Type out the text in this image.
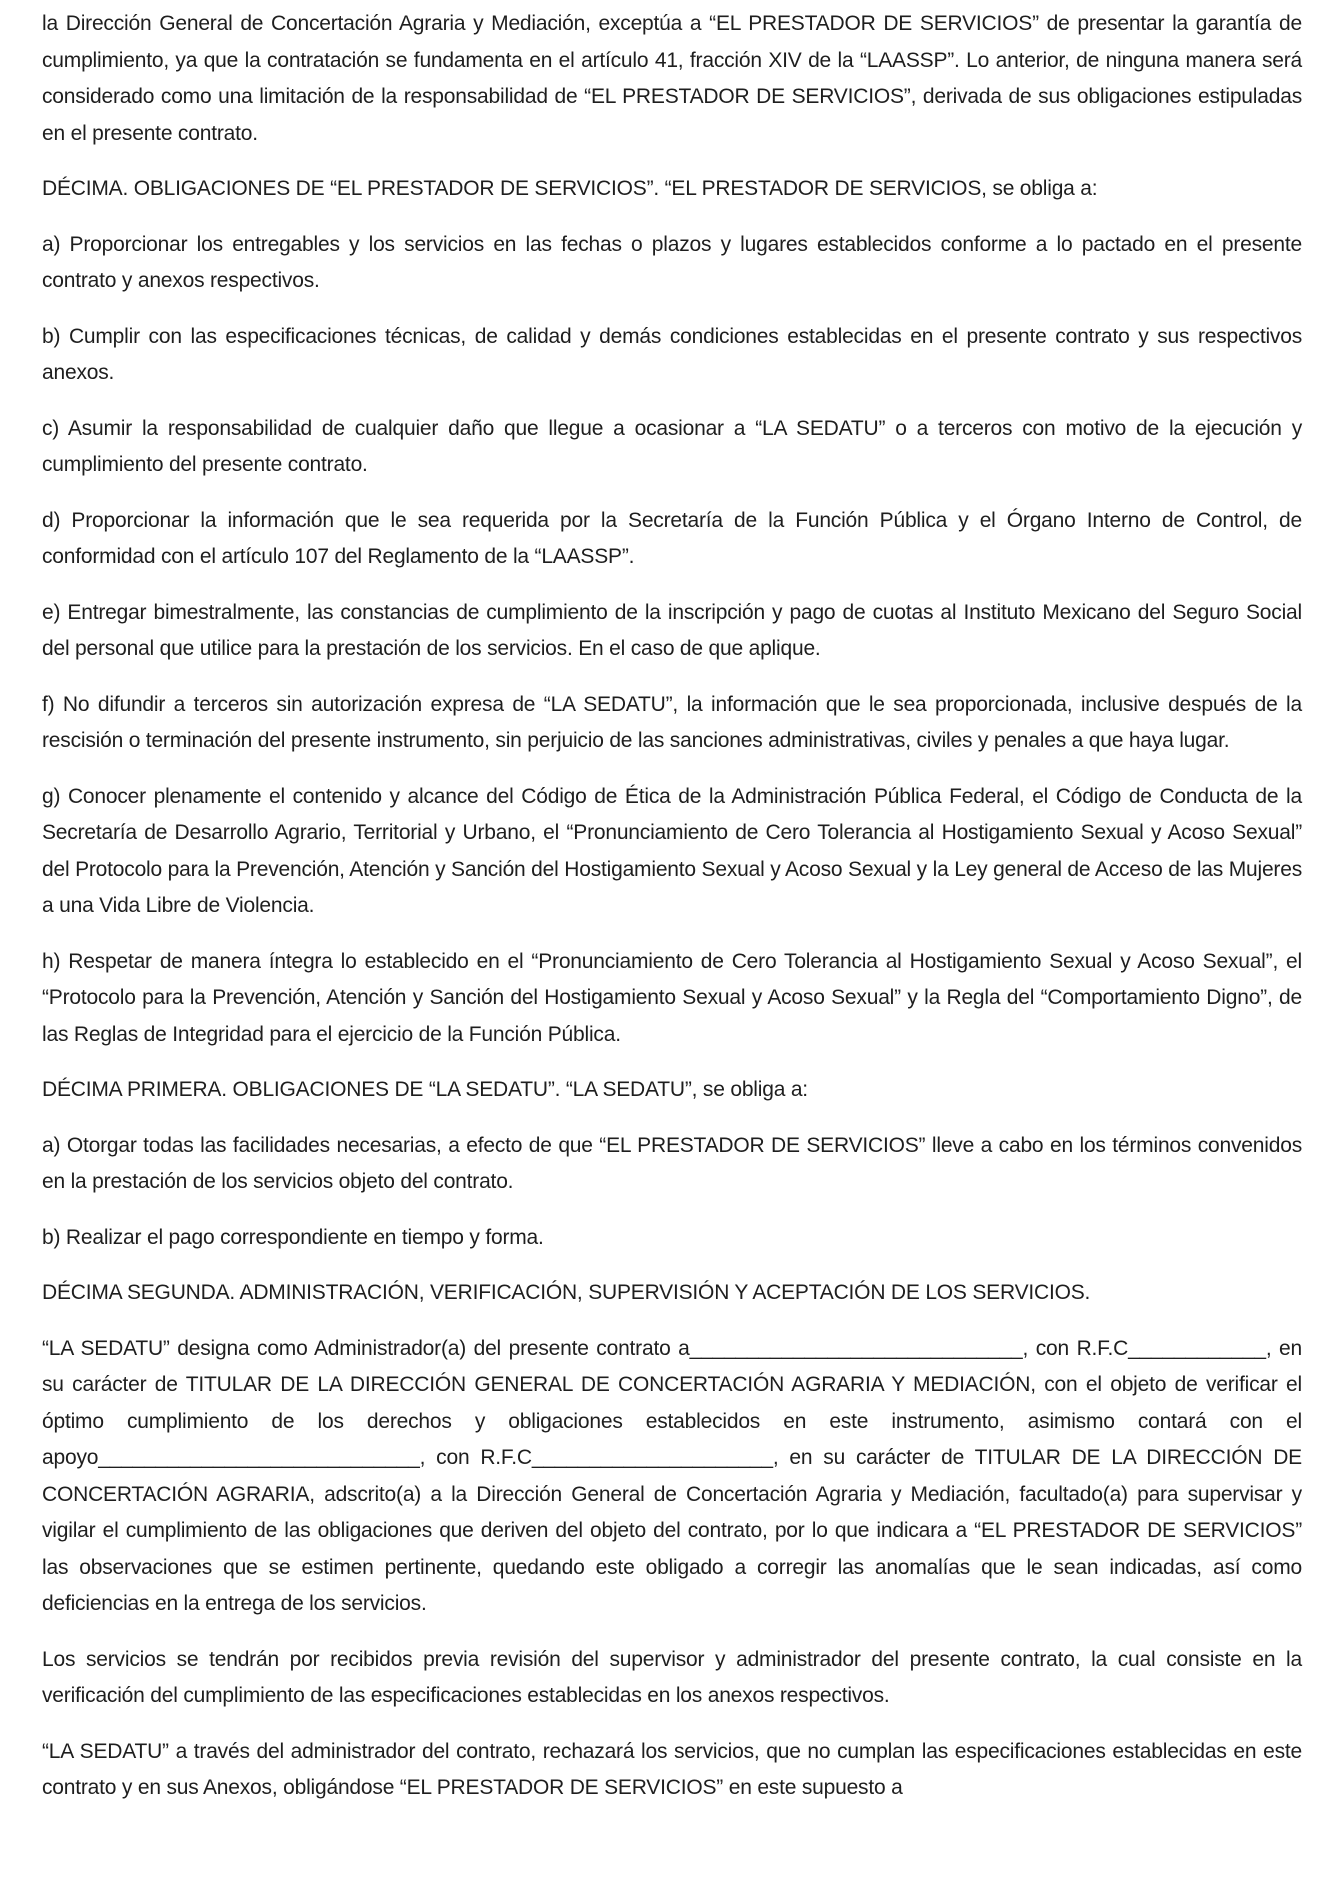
la Dirección General de Concertación Agraria y Mediación, exceptúa a “EL PRESTADOR DE SERVICIOS” de presentar la garantía de cumplimiento, ya que la contratación se fundamenta en el artículo 41, fracción XIV de la “LAASSP”. Lo anterior, de ninguna manera será considerado como una limitación de la responsabilidad de “EL PRESTADOR DE SERVICIOS”, derivada de sus obligaciones estipuladas en el presente contrato.

DÉCIMA. OBLIGACIONES DE “EL PRESTADOR DE SERVICIOS”. “EL PRESTADOR DE SERVICIOS, se obliga a:

a) Proporcionar los entregables y los servicios en las fechas o plazos y lugares establecidos conforme a lo pactado en el presente contrato y anexos respectivos.

b) Cumplir con las especificaciones técnicas, de calidad y demás condiciones establecidas en el presente contrato y sus respectivos anexos.

c) Asumir la responsabilidad de cualquier daño que llegue a ocasionar a “LA SEDATU” o a terceros con motivo de la ejecución y cumplimiento del presente contrato.

d) Proporcionar la información que le sea requerida por la Secretaría de la Función Pública y el Órgano Interno de Control, de conformidad con el artículo 107 del Reglamento de la “LAASSP”.

e) Entregar bimestralmente, las constancias de cumplimiento de la inscripción y pago de cuotas al Instituto Mexicano del Seguro Social del personal que utilice para la prestación de los servicios. En el caso de que aplique.

f) No difundir a terceros sin autorización expresa de “LA SEDATU”, la información que le sea proporcionada, inclusive después de la rescisión o terminación del presente instrumento, sin perjuicio de las sanciones administrativas, civiles y penales a que haya lugar.

g) Conocer plenamente el contenido y alcance del Código de Ética de la Administración Pública Federal, el Código de Conducta de la Secretaría de Desarrollo Agrario, Territorial y Urbano, el “Pronunciamiento de Cero Tolerancia al Hostigamiento Sexual y Acoso Sexual” del Protocolo para la Prevención, Atención y Sanción del Hostigamiento Sexual y Acoso Sexual y la Ley general de Acceso de las Mujeres a una Vida Libre de Violencia.

h) Respetar de manera íntegra lo establecido en el “Pronunciamiento de Cero Tolerancia al Hostigamiento Sexual y Acoso Sexual”, el “Protocolo para la Prevención, Atención y Sanción del Hostigamiento Sexual y Acoso Sexual” y la Regla del “Comportamiento Digno”, de las Reglas de Integridad para el ejercicio de la Función Pública.

DÉCIMA PRIMERA. OBLIGACIONES DE “LA SEDATU”. “LA SEDATU”, se obliga a:

a) Otorgar todas las facilidades necesarias, a efecto de que “EL PRESTADOR DE SERVICIOS” lleve a cabo en los términos convenidos en la prestación de los servicios objeto del contrato.

b) Realizar el pago correspondiente en tiempo y forma.

DÉCIMA SEGUNDA. ADMINISTRACIÓN, VERIFICACIÓN, SUPERVISIÓN Y ACEPTACIÓN DE LOS SERVICIOS.

“LA SEDATU” designa como Administrador(a) del presente contrato a_____________________________, con R.F.C____________, en su carácter de TITULAR DE LA DIRECCIÓN GENERAL DE CONCERTACIÓN AGRARIA Y MEDIACIÓN, con el objeto de verificar el óptimo cumplimiento de los derechos y obligaciones establecidos en este instrumento, asimismo contará con el apoyo____________________________, con R.F.C_____________________, en su carácter de TITULAR DE LA DIRECCIÓN DE CONCERTACIÓN AGRARIA, adscrito(a) a la Dirección General de Concertación Agraria y Mediación, facultado(a) para supervisar y vigilar el cumplimiento de las obligaciones que deriven del objeto del contrato, por lo que indicara a “EL PRESTADOR DE SERVICIOS” las observaciones que se estimen pertinente, quedando este obligado a corregir las anomalías que le sean indicadas, así como deficiencias en la entrega de los servicios.

Los servicios se tendrán por recibidos previa revisión del supervisor y administrador del presente contrato, la cual consiste en la verificación del cumplimiento de las especificaciones establecidas en los anexos respectivos.

“LA SEDATU” a través del administrador del contrato, rechazará los servicios, que no cumplan las especificaciones establecidas en este contrato y en sus Anexos, obligándose “EL PRESTADOR DE SERVICIOS” en este supuesto a
